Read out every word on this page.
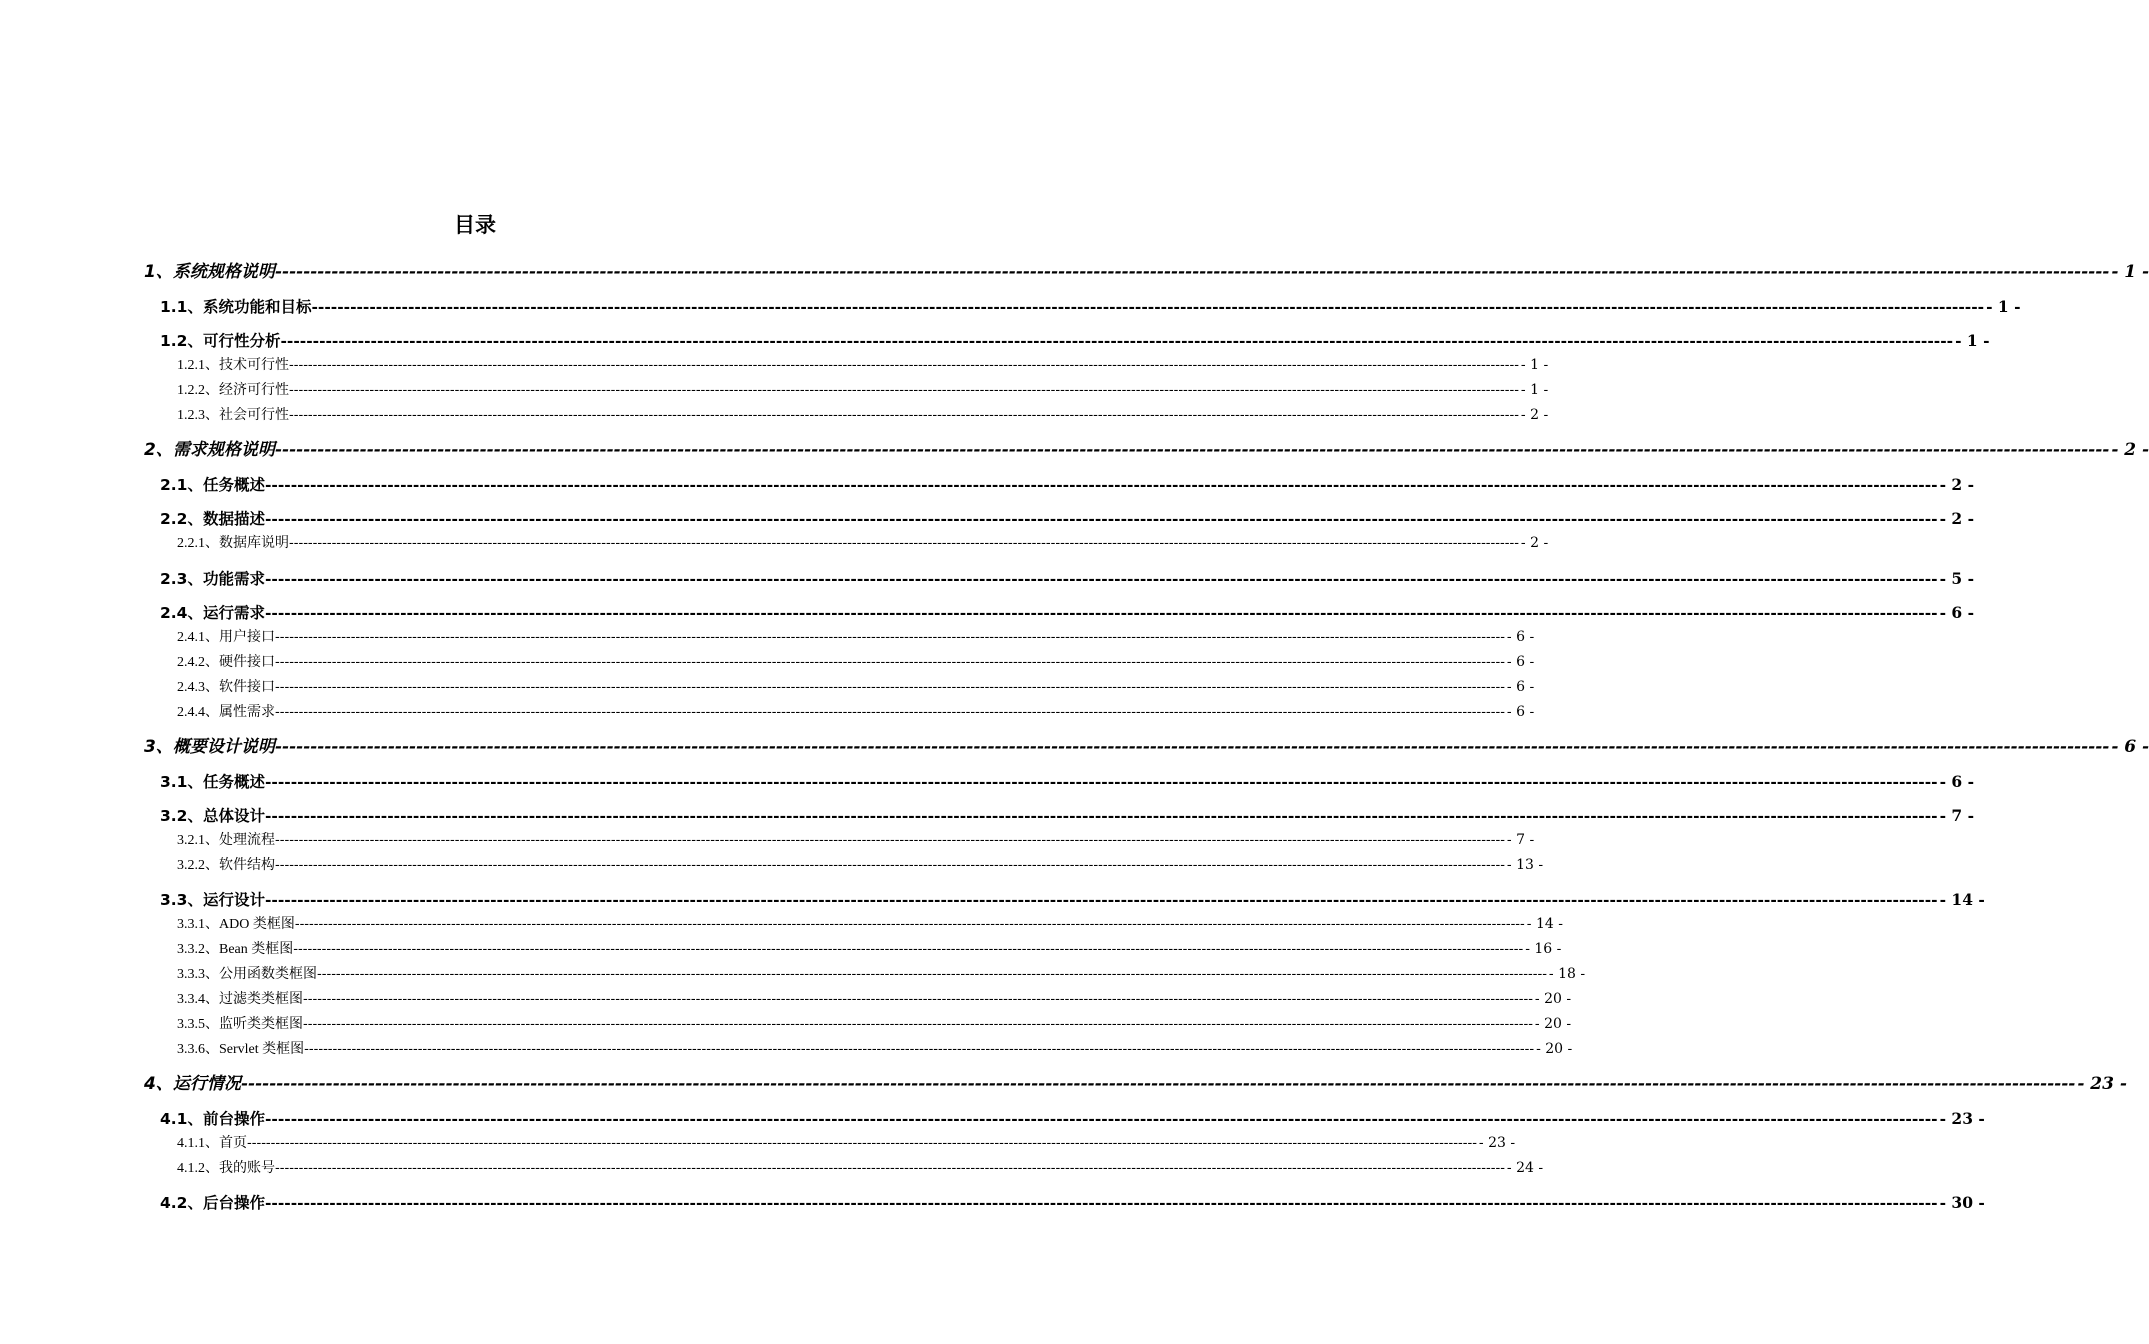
目录
1、系统规格说明 -------------------------------------------------------------------------------------------------------------------------------------------------------------------------------------------------------------------------------------------------------------------- - 1 -
1.1、系统功能和目标 -------------------------------------------------------------------------------------------------------------------------------------------------------------------------------------------------------------------------------------------------------------------- - 1 -
1.2、可行性分析 -------------------------------------------------------------------------------------------------------------------------------------------------------------------------------------------------------------------------------------------------------------------- - 1 -
1.2.1、技术可行性 -------------------------------------------------------------------------------------------------------------------------------------------------------------------------------------------------------------------------------------------------------------------- - 1 -
1.2.2、经济可行性 -------------------------------------------------------------------------------------------------------------------------------------------------------------------------------------------------------------------------------------------------------------------- - 1 -
1.2.3、社会可行性 -------------------------------------------------------------------------------------------------------------------------------------------------------------------------------------------------------------------------------------------------------------------- - 2 -
2、需求规格说明 -------------------------------------------------------------------------------------------------------------------------------------------------------------------------------------------------------------------------------------------------------------------- - 2 -
2.1、任务概述 -------------------------------------------------------------------------------------------------------------------------------------------------------------------------------------------------------------------------------------------------------------------- - 2 -
2.2、数据描述 -------------------------------------------------------------------------------------------------------------------------------------------------------------------------------------------------------------------------------------------------------------------- - 2 -
2.2.1、数据库说明 -------------------------------------------------------------------------------------------------------------------------------------------------------------------------------------------------------------------------------------------------------------------- - 2 -
2.3、功能需求 -------------------------------------------------------------------------------------------------------------------------------------------------------------------------------------------------------------------------------------------------------------------- - 5 -
2.4、运行需求 -------------------------------------------------------------------------------------------------------------------------------------------------------------------------------------------------------------------------------------------------------------------- - 6 -
2.4.1、用户接口 -------------------------------------------------------------------------------------------------------------------------------------------------------------------------------------------------------------------------------------------------------------------- - 6 -
2.4.2、硬件接口 -------------------------------------------------------------------------------------------------------------------------------------------------------------------------------------------------------------------------------------------------------------------- - 6 -
2.4.3、软件接口 -------------------------------------------------------------------------------------------------------------------------------------------------------------------------------------------------------------------------------------------------------------------- - 6 -
2.4.4、属性需求 -------------------------------------------------------------------------------------------------------------------------------------------------------------------------------------------------------------------------------------------------------------------- - 6 -
3、概要设计说明 -------------------------------------------------------------------------------------------------------------------------------------------------------------------------------------------------------------------------------------------------------------------- - 6 -
3.1、任务概述 -------------------------------------------------------------------------------------------------------------------------------------------------------------------------------------------------------------------------------------------------------------------- - 6 -
3.2、总体设计 -------------------------------------------------------------------------------------------------------------------------------------------------------------------------------------------------------------------------------------------------------------------- - 7 -
3.2.1、处理流程 -------------------------------------------------------------------------------------------------------------------------------------------------------------------------------------------------------------------------------------------------------------------- - 7 -
3.2.2、软件结构 -------------------------------------------------------------------------------------------------------------------------------------------------------------------------------------------------------------------------------------------------------------------- - 13 -
3.3、运行设计 -------------------------------------------------------------------------------------------------------------------------------------------------------------------------------------------------------------------------------------------------------------------- - 14 -
3.3.1、ADO 类框图 -------------------------------------------------------------------------------------------------------------------------------------------------------------------------------------------------------------------------------------------------------------------- - 14 -
3.3.2、Bean 类框图 -------------------------------------------------------------------------------------------------------------------------------------------------------------------------------------------------------------------------------------------------------------------- - 16 -
3.3.3、公用函数类框图 -------------------------------------------------------------------------------------------------------------------------------------------------------------------------------------------------------------------------------------------------------------------- - 18 -
3.3.4、过滤类类框图 -------------------------------------------------------------------------------------------------------------------------------------------------------------------------------------------------------------------------------------------------------------------- - 20 -
3.3.5、监听类类框图 -------------------------------------------------------------------------------------------------------------------------------------------------------------------------------------------------------------------------------------------------------------------- - 20 -
3.3.6、Servlet 类框图 -------------------------------------------------------------------------------------------------------------------------------------------------------------------------------------------------------------------------------------------------------------------- - 20 -
4、运行情况 -------------------------------------------------------------------------------------------------------------------------------------------------------------------------------------------------------------------------------------------------------------------- - 23 -
4.1、前台操作 -------------------------------------------------------------------------------------------------------------------------------------------------------------------------------------------------------------------------------------------------------------------- - 23 -
4.1.1、首页 -------------------------------------------------------------------------------------------------------------------------------------------------------------------------------------------------------------------------------------------------------------------- - 23 -
4.1.2、我的账号 -------------------------------------------------------------------------------------------------------------------------------------------------------------------------------------------------------------------------------------------------------------------- - 24 -
4.2、后台操作 -------------------------------------------------------------------------------------------------------------------------------------------------------------------------------------------------------------------------------------------------------------------- - 30 -
